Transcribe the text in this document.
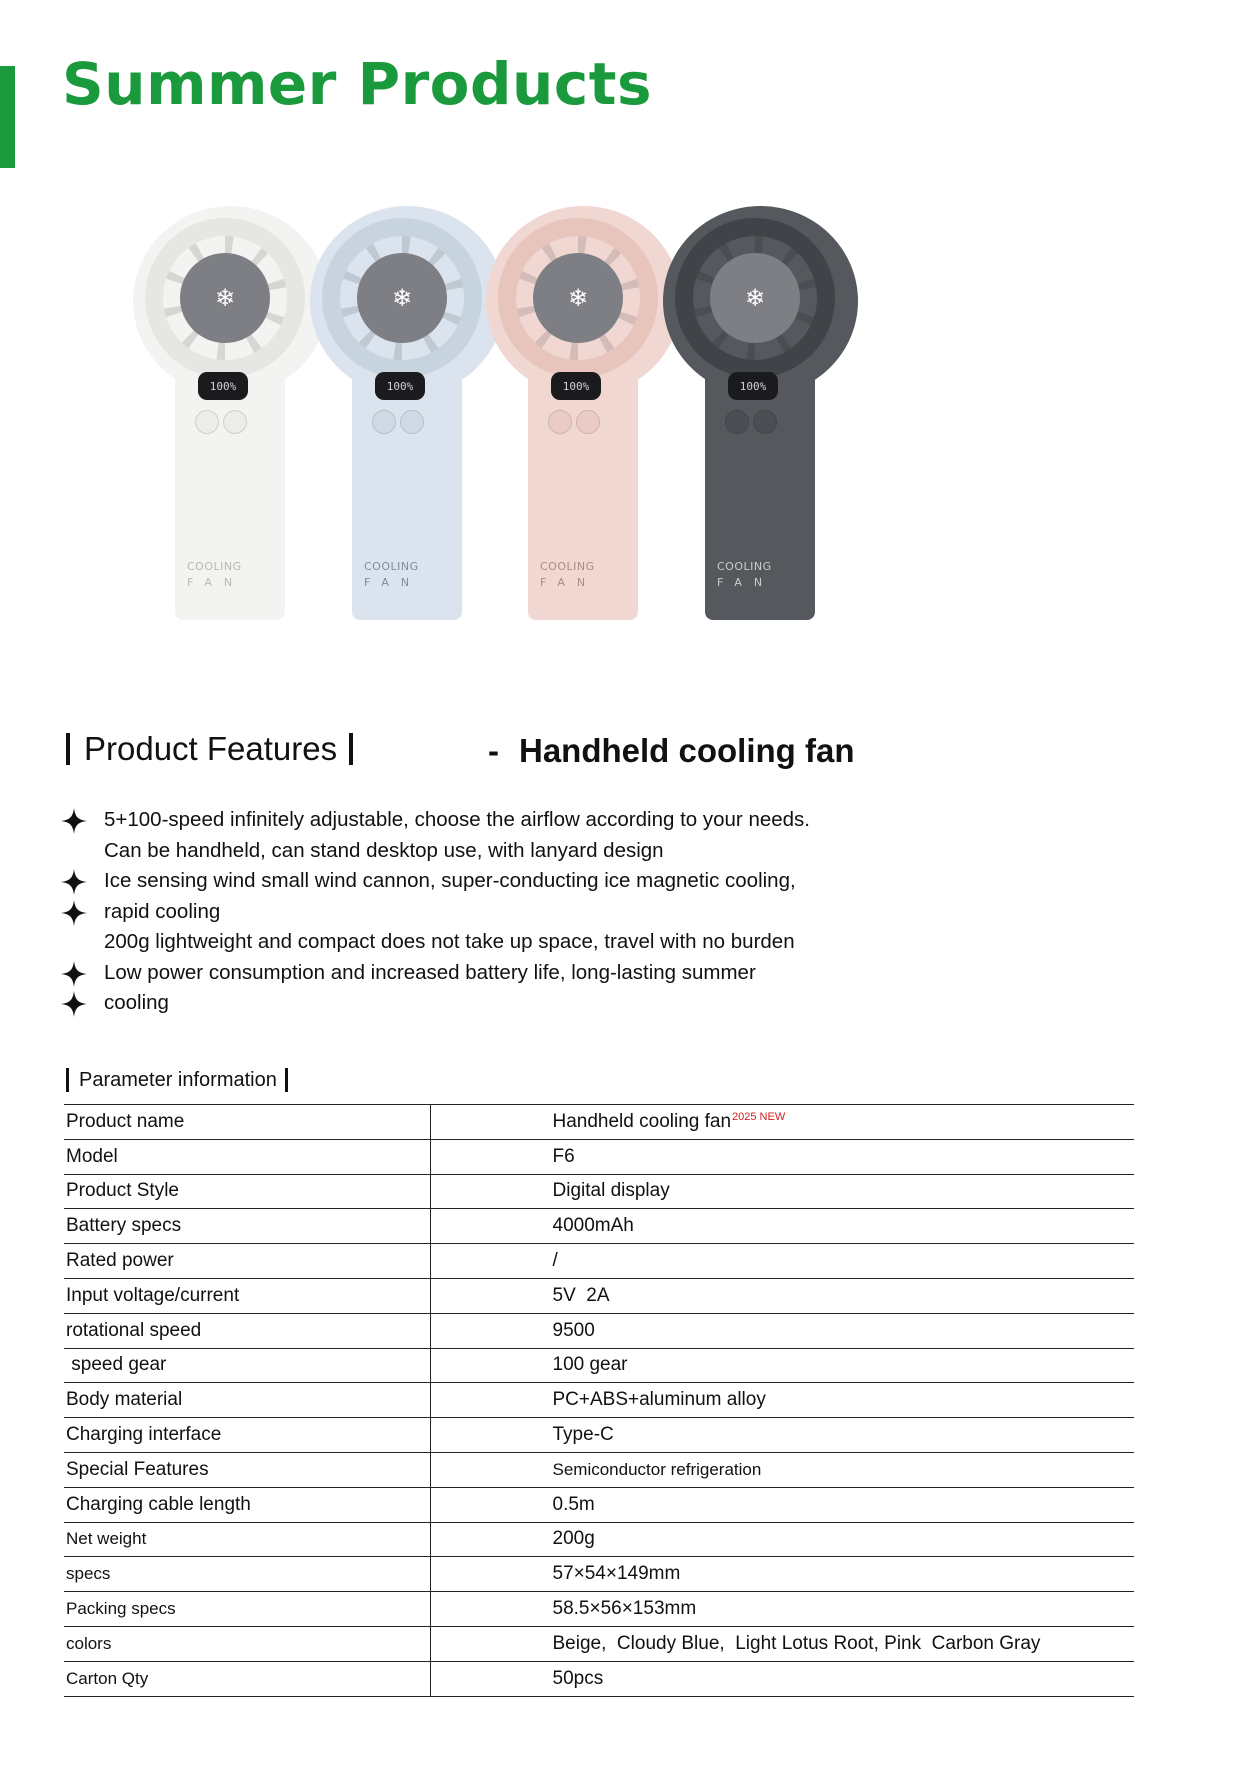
Summer Products
❄
100%
COOLING
FAN
❄
100%
COOLING
FAN
❄
100%
COOLING
FAN
❄
100%
COOLING
FAN
Product Features	- Handheld cooling fan
5+100-speed infinitely adjustable, choose the airflow according to your needs.
Can be handheld, can stand desktop use, with lanyard design
Ice sensing wind small wind cannon, super-conducting ice magnetic cooling,
rapid cooling
200g lightweight and compact does not take up space, travel with no burden
Low power consumption and increased battery life, long-lasting summer
cooling
Parameter information
Product name	Handheld cooling fan$^{2025 NEW}$
Model	F6
Product Style	Digital display
Battery specs	4000mAh
Rated power	/
Input voltage/current	5V  2A
rotational speed	9500
speed gear	100 gear
Body material	PC+ABS+aluminum alloy
Charging interface	Type-C
Special Features	Semiconductor refrigeration
Charging cable length	0.5m
Net weight	200g
specs	57×54×149mm
Packing specs	58.5×56×153mm
colors	Beige,  Cloudy Blue,  Light Lotus Root, Pink  Carbon Gray
Carton Qty	50pcs
